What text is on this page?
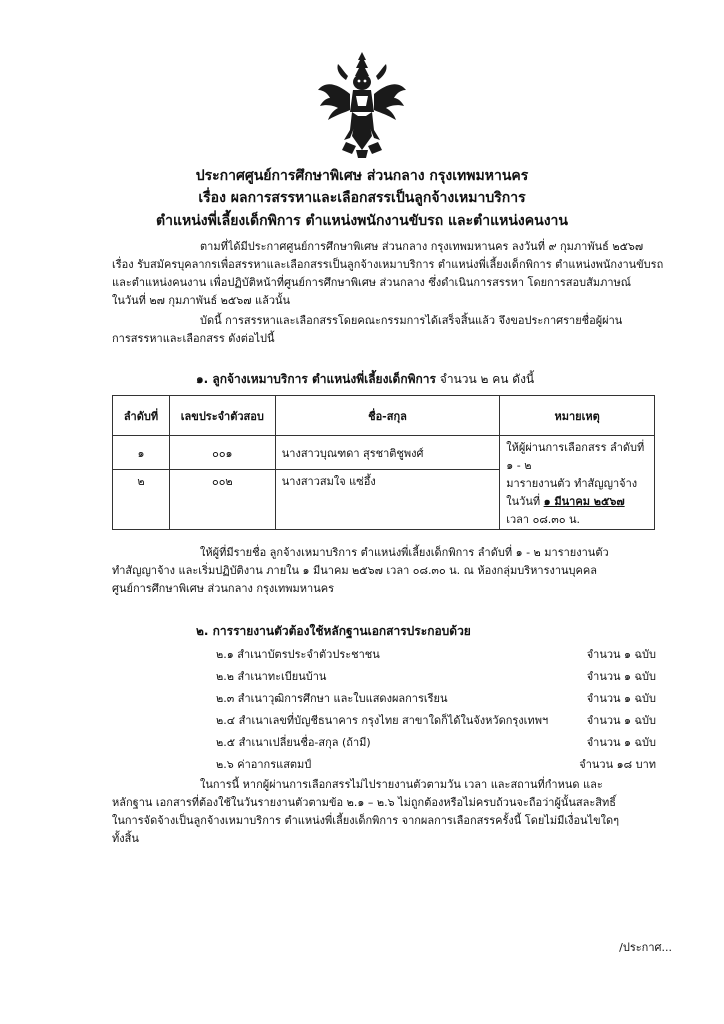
ประกาศศูนย์การศึกษาพิเศษ ส่วนกลาง กรุงเทพมหานคร
เรื่อง ผลการสรรหาและเลือกสรรเป็นลูกจ้างเหมาบริการ
ตำแหน่งพี่เลี้ยงเด็กพิการ ตำแหน่งพนักงานขับรถ และตำแหน่งคนงาน
ตามที่ได้มีประกาศศูนย์การศึกษาพิเศษ ส่วนกลาง กรุงเทพมหานคร ลงวันที่ ๙ กุมภาพันธ์ ๒๕๖๗
เรื่อง รับสมัครบุคลากรเพื่อสรรหาและเลือกสรรเป็นลูกจ้างเหมาบริการ ตำแหน่งพี่เลี้ยงเด็กพิการ ตำแหน่งพนักงานขับรถ
และตำแหน่งคนงาน เพื่อปฏิบัติหน้าที่ศูนย์การศึกษาพิเศษ ส่วนกลาง ซึ่งดำเนินการสรรหา โดยการสอบสัมภาษณ์
ในวันที่ ๒๗ กุมภาพันธ์ ๒๕๖๗ แล้วนั้น
บัดนี้ การสรรหาและเลือกสรรโดยคณะกรรมการได้เสร็จสิ้นแล้ว จึงขอประกาศรายชื่อผู้ผ่าน
การสรรหาและเลือกสรร ดังต่อไปนี้
๑. ลูกจ้างเหมาบริการ ตำแหน่งพี่เลี้ยงเด็กพิการ จำนวน ๒ คน ดังนี้
ลำดับที่	เลขประจำตัวสอบ	ชื่อ-สกุล	หมายเหตุ
๑	๐๐๑	นางสาวบุณฑดา สุรชาติชูพงศ์	ให้ผู้ผ่านการเลือกสรร ลำดับที่ ๑ - ๒
มารายงานตัว ทำสัญญาจ้าง
ในวันที่ ๑ มีนาคม ๒๕๖๗
เวลา ๐๘.๓๐ น.

๒	๐๐๒	นางสาวสมใจ แซ่อึ้ง	
ให้ผู้ที่มีรายชื่อ ลูกจ้างเหมาบริการ ตำแหน่งพี่เลี้ยงเด็กพิการ ลำดับที่ ๑ - ๒ มารายงานตัว
ทำสัญญาจ้าง และเริ่มปฏิบัติงาน ภายใน ๑ มีนาคม ๒๕๖๗ เวลา ๐๘.๓๐ น. ณ ห้องกลุ่มบริหารงานบุคคล
ศูนย์การศึกษาพิเศษ ส่วนกลาง กรุงเทพมหานคร
๒. การรายงานตัวต้องใช้หลักฐานเอกสารประกอบด้วย
๒.๑ สำเนาบัตรประจำตัวประชาชน	จำนวน ๑ ฉบับ
๒.๒ สำเนาทะเบียนบ้าน	จำนวน ๑ ฉบับ
๒.๓ สำเนาวุฒิการศึกษา และใบแสดงผลการเรียน	จำนวน ๑ ฉบับ
๒.๔ สำเนาเลขที่บัญชีธนาคาร กรุงไทย สาขาใดก็ได้ในจังหวัดกรุงเทพฯ	จำนวน ๑ ฉบับ
๒.๕ สำเนาเปลี่ยนชื่อ-สกุล (ถ้ามี)	จำนวน ๑ ฉบับ
๒.๖ ค่าอากรแสตมป์	จำนวน ๑๘ บาท
ในการนี้ หากผู้ผ่านการเลือกสรรไม่ไปรายงานตัวตามวัน เวลา และสถานที่กำหนด และ
หลักฐาน เอกสารที่ต้องใช้ในวันรายงานตัวตามข้อ ๒.๑ – ๒.๖ ไม่ถูกต้องหรือไม่ครบถ้วนจะถือว่าผู้นั้นสละสิทธิ์
ในการจัดจ้างเป็นลูกจ้างเหมาบริการ ตำแหน่งพี่เลี้ยงเด็กพิการ จากผลการเลือกสรรครั้งนี้ โดยไม่มีเงื่อนไขใดๆ
ทั้งสิ้น
/ประกาศ...
